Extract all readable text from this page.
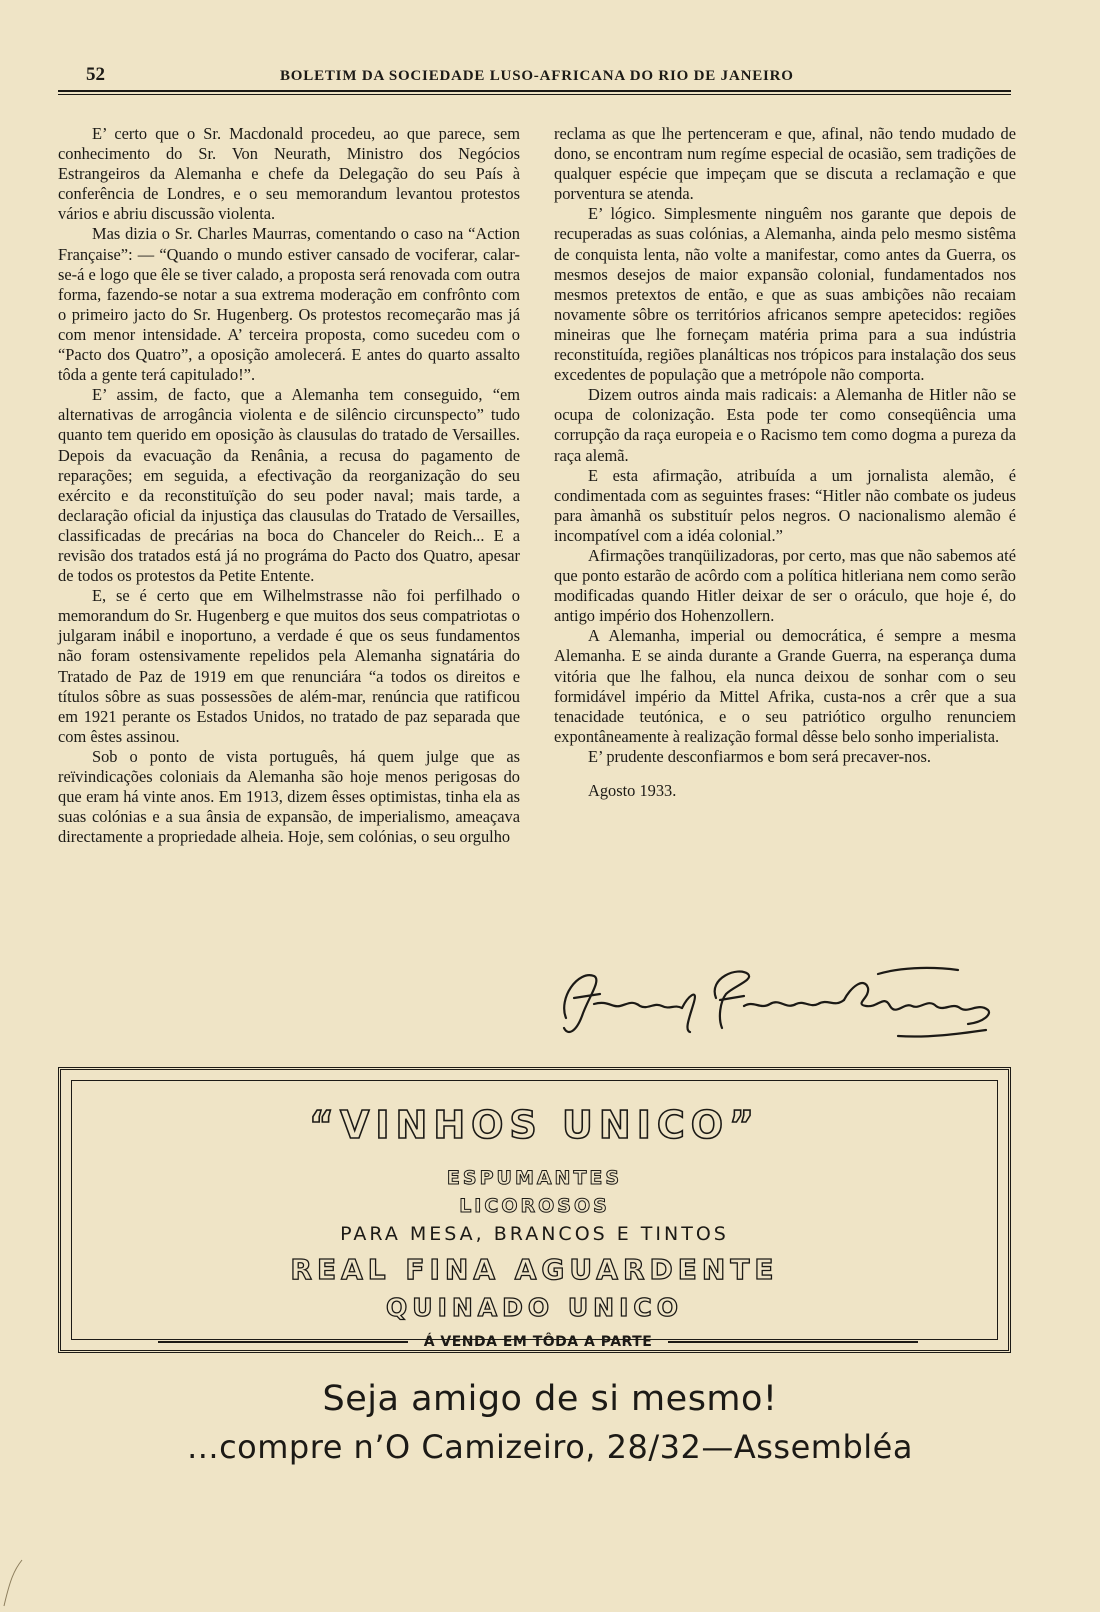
52	BOLETIM DA SOCIEDADE LUSO-AFRICANA DO RIO DE JANEIRO

E’ certo que o Sr. Macdonald procedeu, ao que parece, sem conhecimento do Sr. Von Neurath, Ministro dos Negócios Estrangeiros da Alemanha e chefe da Delegação do seu País à conferência de Londres, e o seu memorandum levantou protestos vários e abriu discussão violenta.

Mas dizia o Sr. Charles Maurras, comentando o caso na “Action Française”: — “Quando o mundo estiver cansado de vociferar, calar-se-á e logo que êle se tiver calado, a proposta será renovada com outra forma, fazendo-se notar a sua extrema moderação em confrônto com o primeiro jacto do Sr. Hugenberg. Os protestos recomeçarão mas já com menor intensidade. A’ terceira proposta, como sucedeu com o “Pacto dos Quatro”, a oposição amolecerá. E antes do quarto assalto tôda a gente terá capitulado!”.

E’ assim, de facto, que a Alemanha tem conseguido, “em alternativas de arrogância violenta e de silêncio circunspecto” tudo quanto tem querido em oposição às clausulas do tratado de Versailles. Depois da evacuação da Renânia, a recusa do pagamento de reparações; em seguida, a efectivação da reorganização do seu exército e da reconstituïção do seu poder naval; mais tarde, a declaração oficial da injustiça das clausulas do Tratado de Versailles, classificadas de precárias na boca do Chanceler do Reich... E a revisão dos tratados está já no prográma do Pacto dos Quatro, apesar de todos os protestos da Petite Entente.

E, se é certo que em Wilhelmstrasse não foi perfilhado o memorandum do Sr. Hugenberg e que muitos dos seus compatriotas o julgaram inábil e inoportuno, a verdade é que os seus fundamentos não foram ostensivamente repelidos pela Alemanha signatária do Tratado de Paz de 1919 em que renunciára “a todos os direitos e títulos sôbre as suas possessões de além-mar, renúncia que ratificou em 1921 perante os Estados Unidos, no tratado de paz separada que com êstes assinou.

Sob o ponto de vista português, há quem julge que as reïvindicações coloniais da Alemanha são hoje menos perigosas do que eram há vinte anos. Em 1913, dizem êsses optimistas, tinha ela as suas colónias e a sua ânsia de expansão, de imperialismo, ameaçava directamente a propriedade alheia. Hoje, sem colónias, o seu orgulho

reclama as que lhe pertenceram e que, afinal, não tendo mudado de dono, se encontram num regíme especial de ocasião, sem tradições de qualquer espécie que impeçam que se discuta a reclamação e que porventura se atenda.

E’ lógico. Simplesmente ninguêm nos garante que depois de recuperadas as suas colónias, a Alemanha, ainda pelo mesmo sistêma de conquista lenta, não volte a manifestar, como antes da Guerra, os mesmos desejos de maior expansão colonial, fundamentados nos mesmos pretextos de então, e que as suas ambições não recaiam novamente sôbre os territórios africanos sempre apetecidos: regiões mineiras que lhe forneçam matéria prima para a sua indústria reconstituída, regiões planálticas nos trópicos para instalação dos seus excedentes de população que a metrópole não comporta.

Dizem outros ainda mais radicais: a Alemanha de Hitler não se ocupa de colonização. Esta pode ter como conseqüência uma corrupção da raça europeia e o Racismo tem como dogma a pureza da raça alemã.

E esta afirmação, atribuída a um jornalista alemão, é condimentada com as seguintes frases: “Hitler não combate os judeus para àmanhã os substituír pelos negros. O nacionalismo alemão é incompatível com a idéa colonial.”

Afirmações tranqüilizadoras, por certo, mas que não sabemos até que ponto estarão de acôrdo com a política hitleriana nem como serão modificadas quando Hitler deixar de ser o oráculo, que hoje é, do antigo império dos Hohenzollern.

A Alemanha, imperial ou democrática, é sempre a mesma Alemanha. E se ainda durante a Grande Guerra, na esperança duma vitória que lhe falhou, ela nunca deixou de sonhar com o seu formidável império da Mittel Afrika, custa-nos a crêr que a sua tenacidade teutónica, e o seu patriótico orgulho renunciem expontâneamente à realização formal dêsse belo sonho imperialista.

E’ prudente desconfiarmos e bom será precaver-nos.

Agosto 1933.

“VINHOS UNICO”
ESPUMANTES
LICOROSOS
PARA MESA, BRANCOS E TINTOS
REAL FINA AGUARDENTE
QUINADO UNICO
Á VENDA EM TÔDA A PARTE
Seja amigo de si mesmo!
...compre n’O Camizeiro, 28/32—Assembléa
